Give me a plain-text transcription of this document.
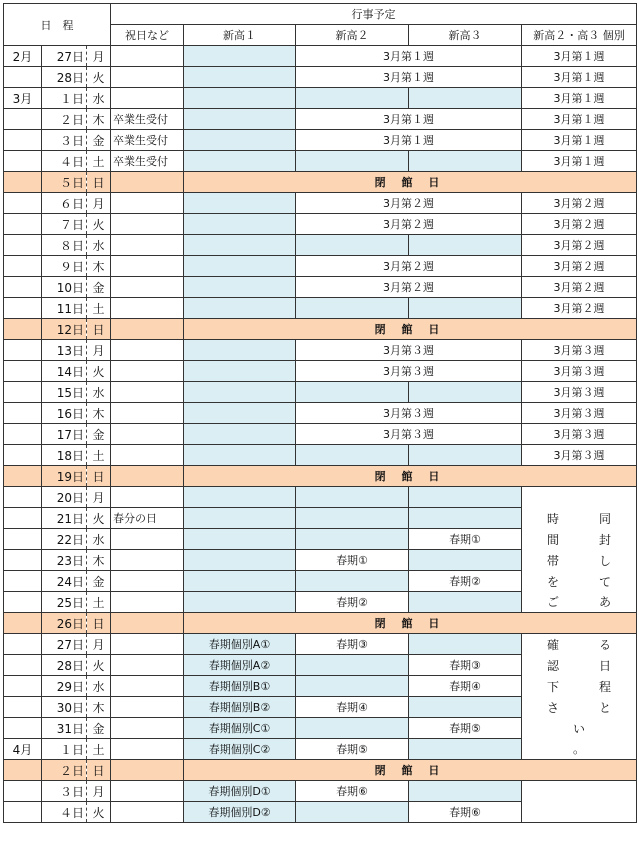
日　程			行事予定				
			祝日など	新高１	新高２	新高３	新高２・高３ 個別
2月	27日	月			3月第１週		3月第１週
	28日	火			3月第１週		3月第１週
3月	１日	水					3月第１週
	２日	木	卒業生受付		3月第１週		3月第１週
	３日	金	卒業生受付		3月第１週		3月第１週
	４日	土	卒業生受付				3月第１週
	５日	日		閉 館 日			
	６日	月			3月第２週		3月第２週
	７日	火			3月第２週		3月第２週
	８日	水					3月第２週
	９日	木			3月第２週		3月第２週
	10日	金			3月第２週		3月第２週
	11日	土					3月第２週
	12日	日		閉 館 日			
	13日	月			3月第３週		3月第３週
	14日	火			3月第３週		3月第３週
	15日	水					3月第３週
	16日	木			3月第３週		3月第３週
	17日	金			3月第３週		3月第３週
	18日	土					3月第３週
	19日	日		閉 館 日			
	20日	月					
	21日	火	春分の日				時　同
	22日	水				春期①	間　封
	23日	木			春期①		帯　し
	24日	金				春期②	を　て
	25日	土			春期②		ご　あ
	26日	日		閉 館 日			
	27日	月		春期個別A①	春期③		確　る
	28日	火		春期個別A②		春期③	認　日
	29日	水		春期個別B①		春期④	下　程
	30日	木		春期個別B②	春期④		さ　と
	31日	金		春期個別C①		春期⑤	い
4月	１日	土		春期個別C②	春期⑤		。
	２日	日		閉 館 日			
	３日	月		春期個別D①	春期⑥		
	４日	火		春期個別D②		春期⑥	
